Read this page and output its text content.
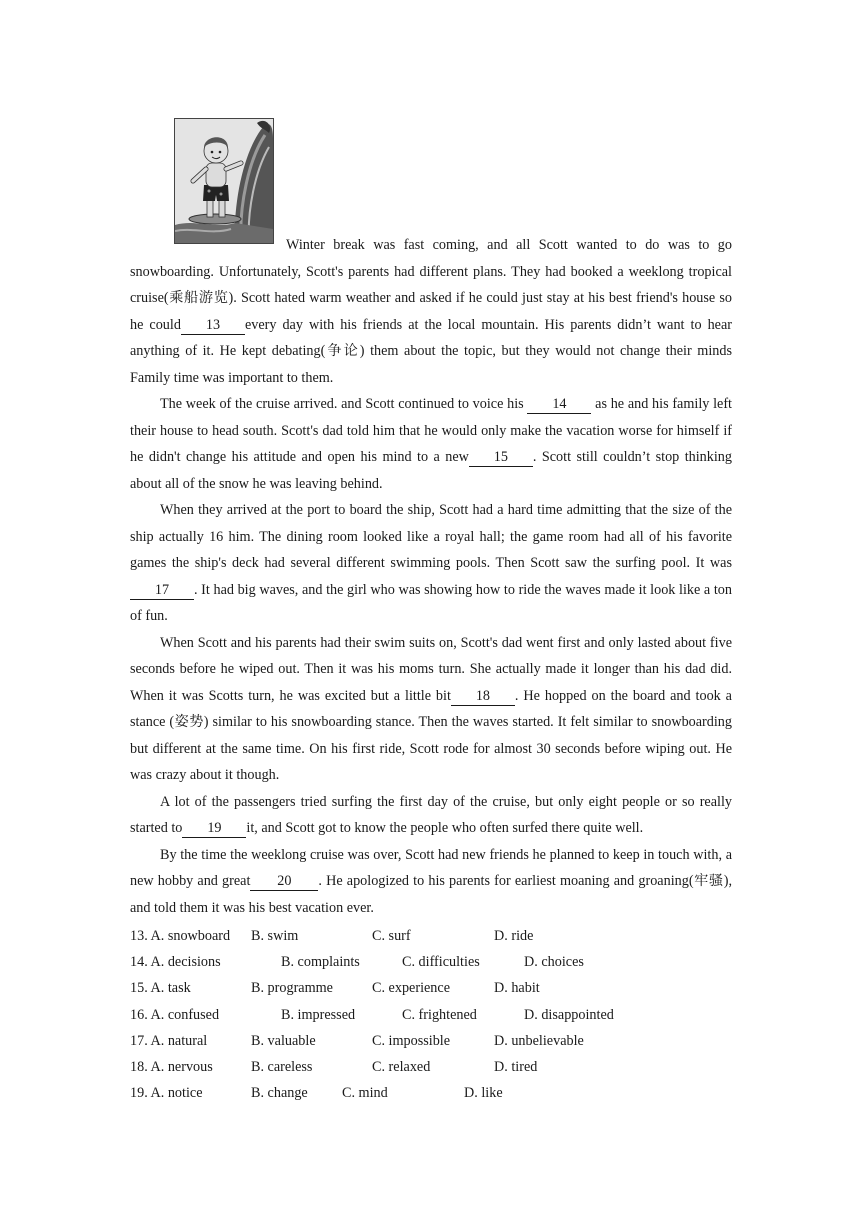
Winter break was fast coming, and all Scott wanted to do was to go snowboarding. Unfortunately, Scott's parents had different plans. They had booked a weeklong tropical cruise(乘船游览). Scott hated warm weather and asked if he could just stay at his best friend's house so he could 13 every day with his friends at the local mountain. His parents didn’t want to hear anything of it. He kept debating(争论) them about the topic, but they would not change their minds Family time was important to them.

The week of the cruise arrived. and Scott continued to voice his 14 as he and his family left their house to head south. Scott's dad told him that he would only make the vacation worse for himself if he didn't change his attitude and open his mind to a new 15 . Scott still couldn’t stop thinking about all of the snow he was leaving behind.

When they arrived at the port to board the ship, Scott had a hard time admitting that the size of the ship actually 16 him. The dining room looked like a royal hall; the game room had all of his favorite games the ship's deck had several different swimming pools. Then Scott saw the surfing pool. It was17 . It had big waves, and the girl who was showing how to ride the waves made it look like a ton of fun.

When Scott and his parents had their swim suits on, Scott's dad went first and only lasted about five seconds before he wiped out. Then it was his moms turn. She actually made it longer than his dad did. When it was Scotts turn, he was excited but a little bit 18 . He hopped on the board and took a stance (姿势) similar to his snowboarding stance. Then the waves started. It felt similar to snowboarding but different at the same time. On his first ride, Scott rode for almost 30 seconds before wiping out. He was crazy about it though.

A lot of the passengers tried surfing the first day of the cruise, but only eight people or so really started to 19 it, and Scott got to know the people who often surfed there quite well.

By the time the weeklong cruise was over, Scott had new friends he planned to keep in touch with, a new hobby and great 20 . He apologized to his parents for earliest moaning and groaning(牢骚), and told them it was his best vacation ever.

13. A. snowboard B. swim	C. surf	D. ride
14. A. decisions	B. complaints	C. difficulties	D. choices
15. A. task	B. programme	C. experience	D. habit
16. A. confused	B. impressed	C. frightened	D. disappointed
17. A. natural	B. valuable	C. impossible	D. unbelievable
18. A. nervous	B. careless	C. relaxed	D. tired
19. A. notice	B. change C. mind	D. like
